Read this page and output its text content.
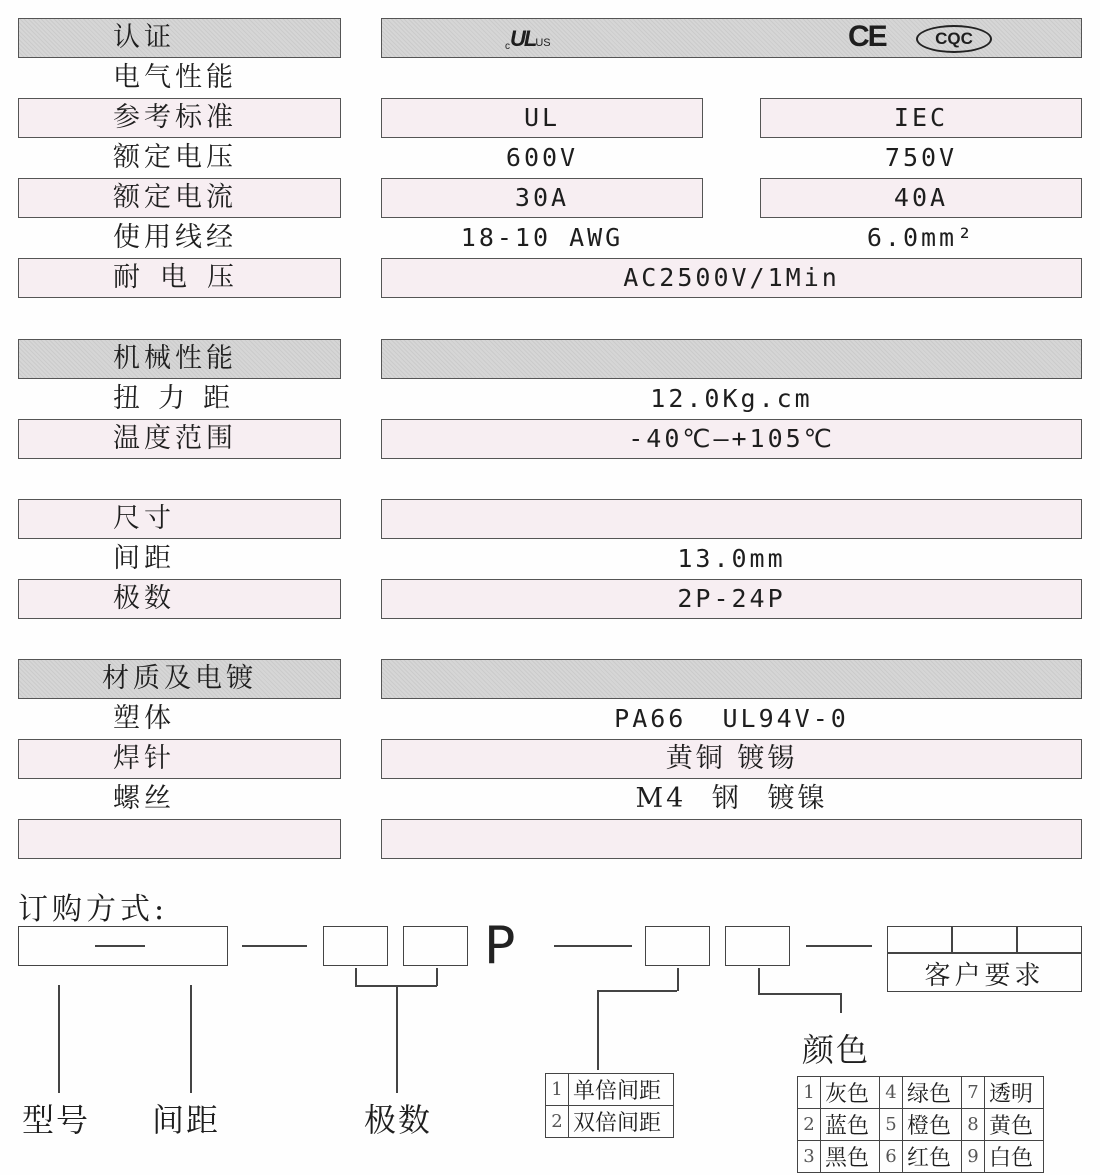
认证	cULUS	CE	CQC
电气性能
参考标准	UL	IEC
额定电压	600V	750V
额定电流	30A	40A
使用线经	18-10 AWG	6.0mm²
耐电压	AC2500V/1Min
机械性能
扭力距	12.0Kg.cm
温度范围	-40℃—+105℃
尺寸
间距	13.0mm
极数	2P-24P
材质及电镀
塑体	PA66  UL94V-0
焊针	黄铜 镀锡
螺丝	M4 钢 镀镍
订购方式:
P	客户要求
型号 间距	极数
颜色
1	单倍间距
2	双倍间距
1	灰色	4	绿色	7	透明
2	蓝色	5	橙色	8	黄色
3	黑色	6	红色	9	白色
